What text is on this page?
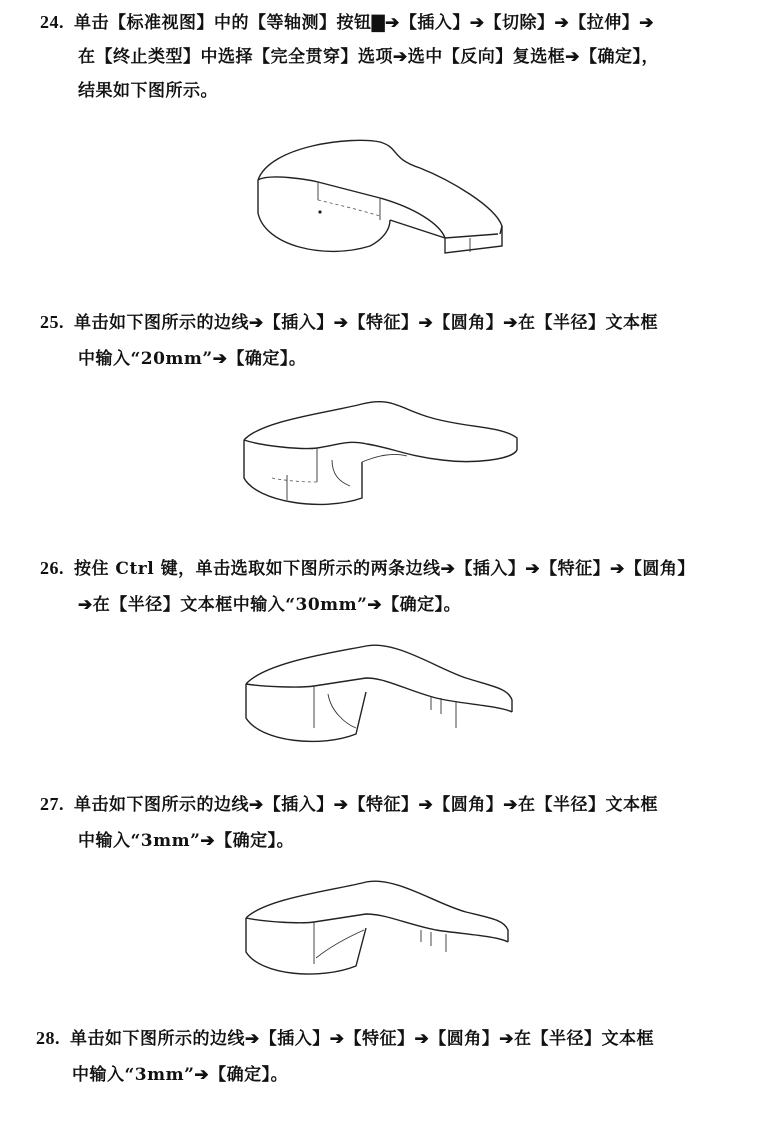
24. 单击【标准视图】中的【等轴测】按钮▇➔【插入】➔【切除】➔【拉伸】➔
在【终止类型】中选择【完全贯穿】选项➔选中【反向】复选框➔【确定】，
结果如下图所示。
25. 单击如下图所示的边线➔【插入】➔【特征】➔【圆角】➔在【半径】文本框
中输入“20mm”➔【确定】。
26. 按住 Ctrl 键，单击选取如下图所示的两条边线➔【插入】➔【特征】➔【圆角】
➔在【半径】文本框中输入“30mm”➔【确定】。
27. 单击如下图所示的边线➔【插入】➔【特征】➔【圆角】➔在【半径】文本框
中输入“3mm”➔【确定】。
28. 单击如下图所示的边线➔【插入】➔【特征】➔【圆角】➔在【半径】文本框
中输入“3mm”➔【确定】。
